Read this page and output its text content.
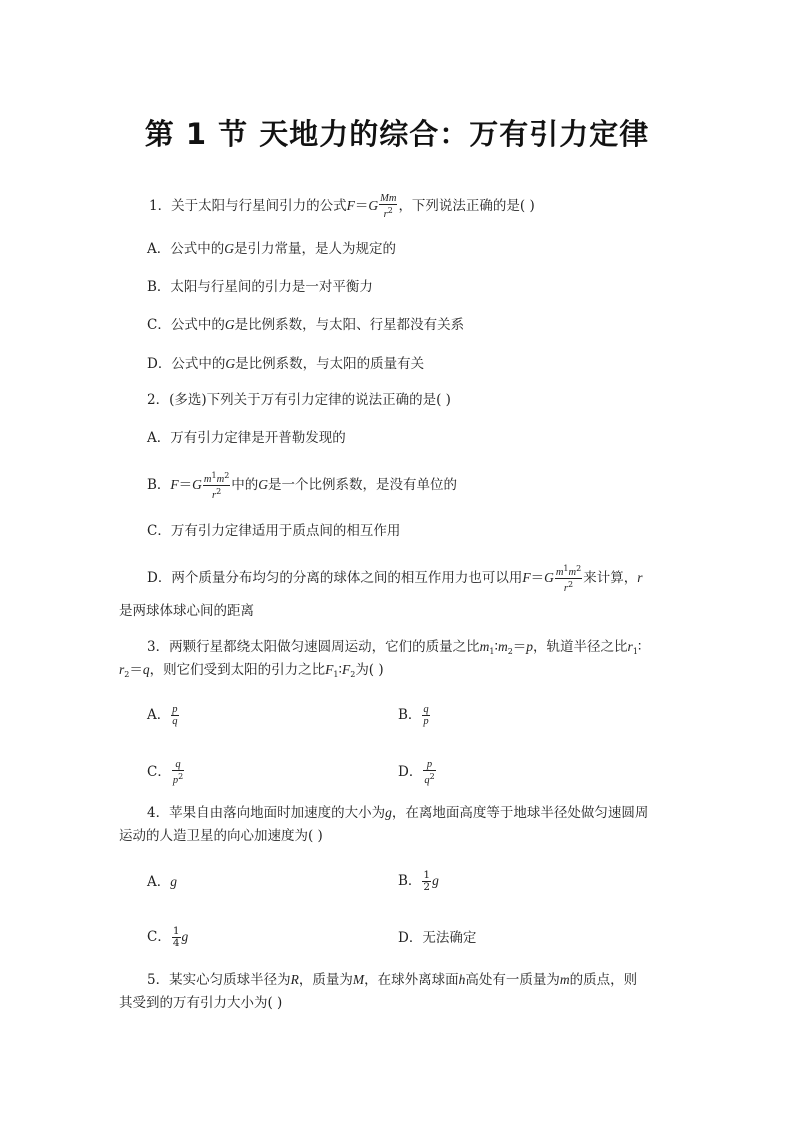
第 1 节 天地力的综合：万有引力定律
1．关于太阳与行星间引力的公式$F=G \frac{Mm}{r^2}$ ，下列说法正确的是( )
A．公式中的G是引力常量，是人为规定的
B．太阳与行星间的引力是一对平衡力
C．公式中的G是比例系数，与太阳、行星都没有关系
D．公式中的G是比例系数，与太阳的质量有关
2．(多选)下列关于万有引力定律的说法正确的是( )
A．万有引力定律是开普勒发现的
B．$F=G \frac{m^1m^2}{r^2}$ 中的G是一个比例系数，是没有单位的
C．万有引力定律适用于质点间的相互作用
D．两个质量分布均匀的分离的球体之间的相互作用力也可以用$F=G \frac{m^1m^2}{r^2}$ 来计算，r
是两球体球心间的距离
3．两颗行星都绕太阳做匀速圆周运动，它们的质量之比$m_1∶m_2=p$，轨道半径之比$r_1∶$
$r_2=q$，则它们受到太阳的引力之比$F_1∶F_2$为( )
A． $\frac{p}{q}$	B． $\frac{q}{p}$
C． $\frac{q}{p^2}$	D． $\frac{p}{q^2}$
4．苹果自由落向地面时加速度的大小为g，在离地面高度等于地球半径处做匀速圆周
运动的人造卫星的向心加速度为( )
A．g	B． $\frac{1}{2}$ g
C． $\frac{1}{4}$ g	D．无法确定
5．某实心匀质球半径为R，质量为M，在球外离球面h高处有一质量为m的质点，则
其受到的万有引力大小为( )
